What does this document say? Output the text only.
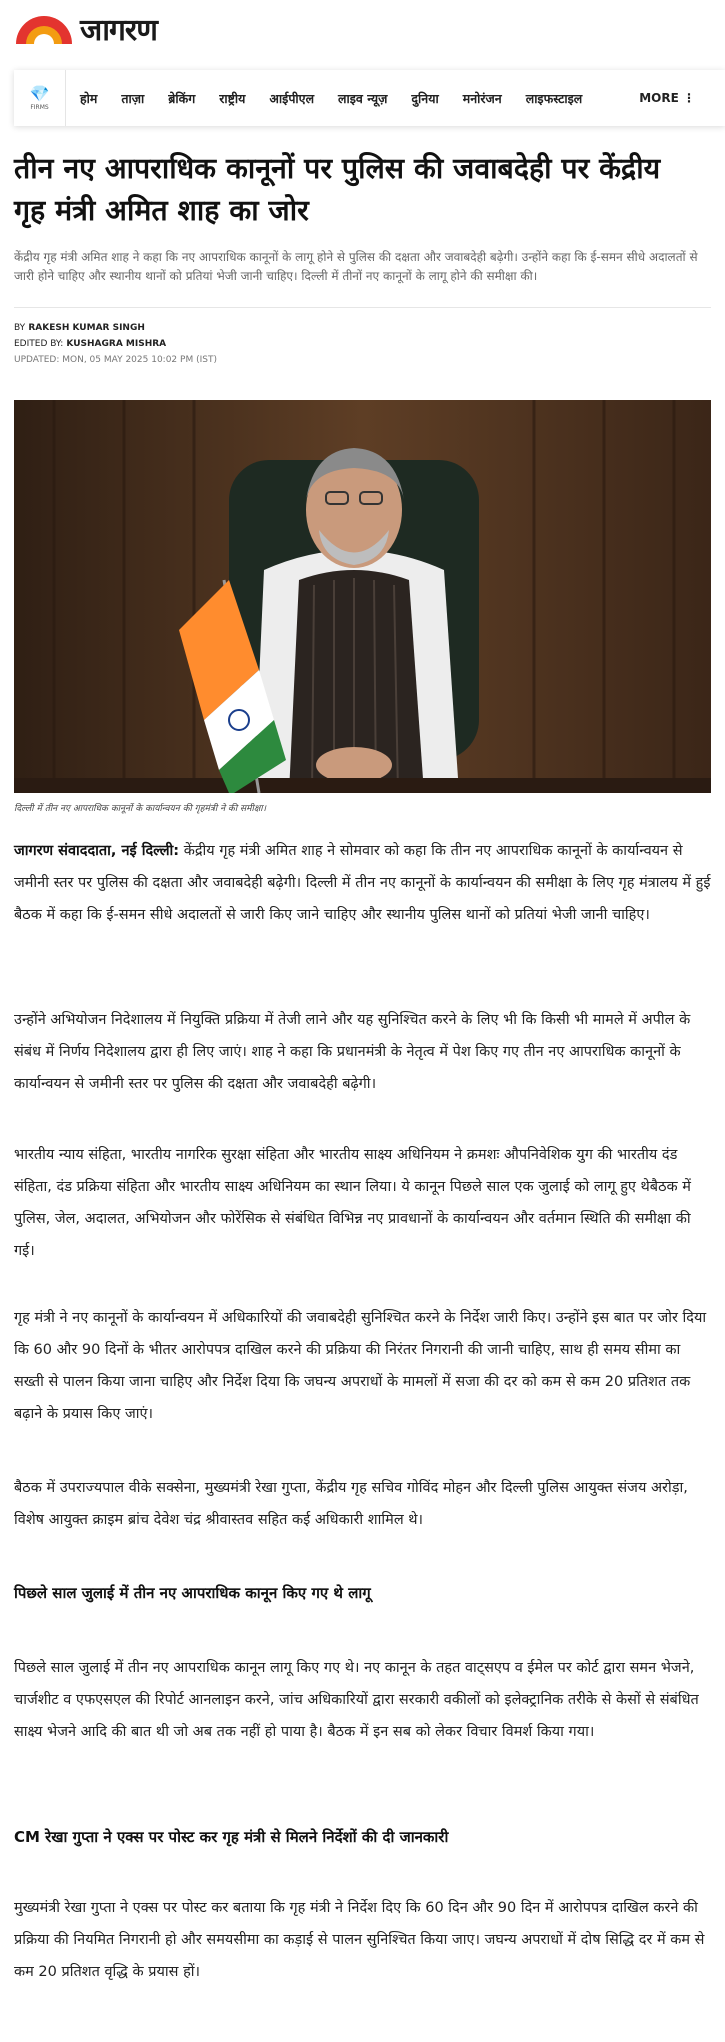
जागरण
💎
FIRMS
होम ताज़ा ब्रेकिंग राष्ट्रीय आईपीएल लाइव न्यूज़ दुनिया मनोरंजन लाइफस्टाइल	MORE ⋮
तीन नए आपराधिक कानूनों पर पुलिस की जवाबदेही पर केंद्रीय गृह मंत्री अमित शाह का जोर

केंद्रीय गृह मंत्री अमित शाह ने कहा कि नए आपराधिक कानूनों के लागू होने से पुलिस की दक्षता और जवाबदेही बढ़ेगी। उन्होंने कहा कि ई-समन सीधे अदालतों से जारी होने चाहिए और स्थानीय थानों को प्रतियां भेजी जानी चाहिए। दिल्ली में तीनों नए कानूनों के लागू होने की समीक्षा की।

BY RAKESH KUMAR SINGH
EDITED BY: KUSHAGRA MISHRA
UPDATED: MON, 05 MAY 2025 10:02 PM (IST)
दिल्ली में तीन नए आपराधिक कानूनों के कार्यान्वयन की गृहमंत्री ने की समीक्षा।

जागरण संवाददाता, नई दिल्ली: केंद्रीय गृह मंत्री अमित शाह ने सोमवार को कहा कि तीन नए आपराधिक कानूनों के कार्यान्वयन से जमीनी स्तर पर पुलिस की दक्षता और जवाबदेही बढ़ेगी। दिल्ली में तीन नए कानूनों के कार्यान्वयन की समीक्षा के लिए गृह मंत्रालय में हुई बैठक में कहा कि ई-समन सीधे अदालतों से जारी किए जाने चाहिए और स्थानीय पुलिस थानों को प्रतियां भेजी जानी चाहिए।

उन्होंने अभियोजन निदेशालय में नियुक्ति प्रक्रिया में तेजी लाने और यह सुनिश्चित करने के लिए भी कि किसी भी मामले में अपील के संबंध में निर्णय निदेशालय द्वारा ही लिए जाएं। शाह ने कहा कि प्रधानमंत्री के नेतृत्व में पेश किए गए तीन नए आपराधिक कानूनों के कार्यान्वयन से जमीनी स्तर पर पुलिस की दक्षता और जवाबदेही बढ़ेगी।

भारतीय न्याय संहिता, भारतीय नागरिक सुरक्षा संहिता और भारतीय साक्ष्य अधिनियम ने क्रमशः औपनिवेशिक युग की भारतीय दंड संहिता, दंड प्रक्रिया संहिता और भारतीय साक्ष्य अधिनियम का स्थान लिया। ये कानून पिछले साल एक जुलाई को लागू हुए थेबैठक में पुलिस, जेल, अदालत, अभियोजन और फोरेंसिक से संबंधित विभिन्न नए प्रावधानों के कार्यान्वयन और वर्तमान स्थिति की समीक्षा की गई।

गृह मंत्री ने नए कानूनों के कार्यान्वयन में अधिकारियों की जवाबदेही सुनिश्चित करने के निर्देश जारी किए। उन्होंने इस बात पर जोर दिया कि 60 और 90 दिनों के भीतर आरोपपत्र दाखिल करने की प्रक्रिया की निरंतर निगरानी की जानी चाहिए, साथ ही समय सीमा का सख्ती से पालन किया जाना चाहिए और निर्देश दिया कि जघन्य अपराधों के मामलों में सजा की दर को कम से कम 20 प्रतिशत तक बढ़ाने के प्रयास किए जाएं।

बैठक में उपराज्यपाल वीके सक्सेना, मुख्यमंत्री रेखा गुप्ता, केंद्रीय गृह सचिव गोविंद मोहन और दिल्ली पुलिस आयुक्त संजय अरोड़ा, विशेष आयुक्त क्राइम ब्रांच देवेश चंद्र श्रीवास्तव सहित कई अधिकारी शामिल थे।

पिछले साल जुलाई में तीन नए आपराधिक कानून किए गए थे लागू

पिछले साल जुलाई में तीन नए आपराधिक कानून लागू किए गए थे। नए कानून के तहत वाट्सएप व ईमेल पर कोर्ट द्वारा समन भेजने, चार्जशीट व एफएसएल की रिपोर्ट आनलाइन करने, जांच अधिकारियों द्वारा सरकारी वकीलों को इलेक्ट्रानिक तरीके से केसों से संबंधित साक्ष्य भेजने आदि की बात थी जो अब तक नहीं हो पाया है। बैठक में इन सब को लेकर विचार विमर्श किया गया।

CM रेखा गुप्ता ने एक्स पर पोस्ट कर गृह मंत्री से मिलने निर्देशों की दी जानकारी

मुख्यमंत्री रेखा गुप्ता ने एक्स पर पोस्ट कर बताया कि गृह मंत्री ने निर्देश दिए कि 60 दिन और 90 दिन में आरोपपत्र दाखिल करने की प्रक्रिया की नियमित निगरानी हो और समयसीमा का कड़ाई से पालन सुनिश्चित किया जाए। जघन्य अपराधों में दोष सिद्धि दर में कम से कम 20 प्रतिशत वृद्धि के प्रयास हों।
